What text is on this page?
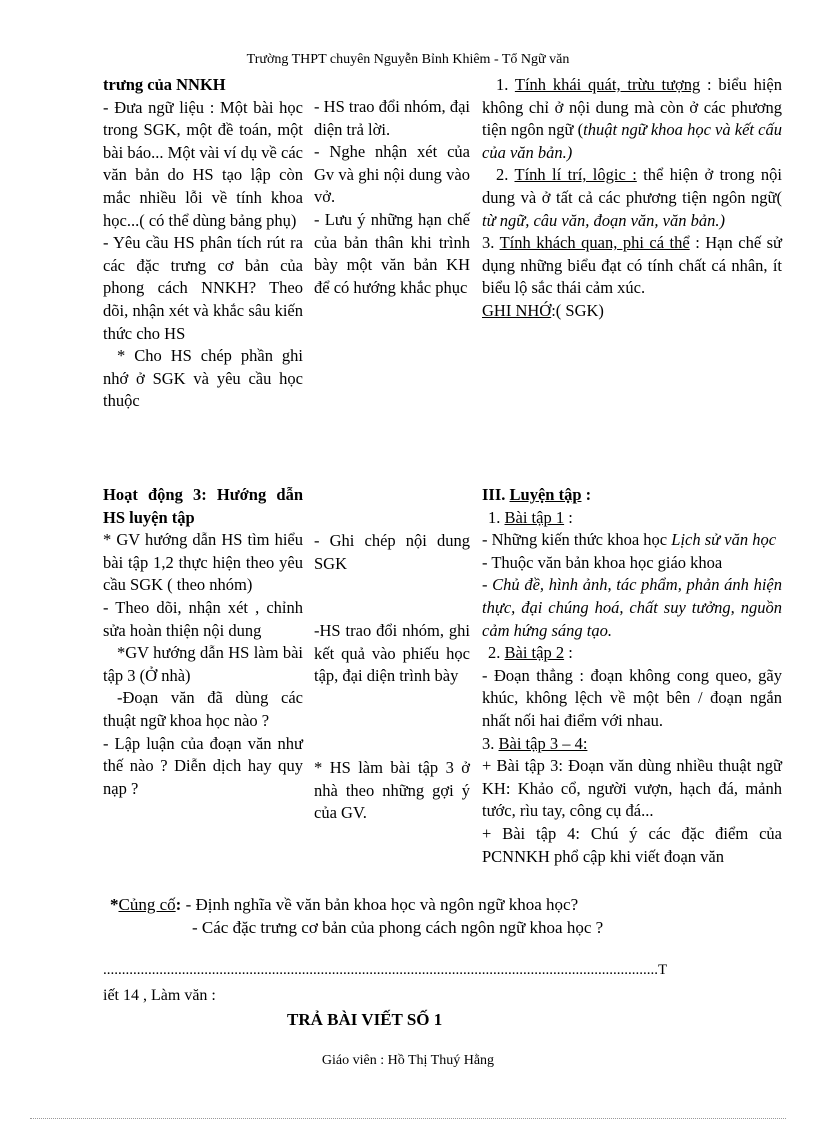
Trường THPT chuyên Nguyễn Bỉnh Khiêm - Tổ Ngữ văn

trưng của NNKH

- Đưa ngữ liệu : Một bài học trong SGK, một đề toán, một bài báo... Một vài ví dụ về các văn bản do HS tạo lập còn mắc nhiều lỗi về tính khoa học...( có thể dùng bảng phụ)

- Yêu cầu HS phân tích rút ra các đặc trưng cơ bản của phong cách NNKH? Theo dõi, nhận xét và khắc sâu kiến thức cho HS

* Cho HS chép phần ghi nhớ ở SGK và yêu cầu học thuộc

Hoạt động 3: Hướng dẫn HS luyện tập

* GV hướng dẫn HS tìm hiểu bài tập 1,2 thực hiện theo yêu cầu SGK ( theo nhóm)

- Theo dõi, nhận xét , chỉnh sửa hoàn thiện nội dung

*GV hướng dẫn HS làm bài tập 3 (Ở nhà)

-Đoạn văn đã dùng các thuật ngữ khoa học nào ?

- Lập luận của đoạn văn như thế nào ? Diễn dịch hay quy nạp ?

- HS trao đổi nhóm, đại diện trả lời.

- Nghe nhận xét của Gv và ghi nội dung vào vở.

- Lưu ý những hạn chế của bản thân khi trình bày một văn bản KH để có hướng khắc phục

- Ghi chép nội dung SGK

-HS trao đổi nhóm, ghi kết quả vào phiếu học tập, đại diện trình bày

* HS làm bài tập 3 ở nhà theo những gợi ý của GV.

1. Tính khái quát, trừu tượng : biểu hiện không chỉ ở nội dung mà còn ở các phương tiện ngôn ngữ (thuật ngữ khoa học và kết cấu của văn bản.)

2. Tính lí trí, lôgic : thể hiện ở trong nội dung và ở tất cả các phương tiện ngôn ngữ( từ ngữ, câu văn, đoạn văn, văn bản.)

3. Tính khách quan, phi cá thể : Hạn chế sử dụng những biểu đạt có tính chất cá nhân, ít biểu lộ sắc thái cảm xúc.

GHI NHỚ:( SGK)

III. Luyện tập :

1. Bài tập 1 :

- Những kiến thức khoa học Lịch sử văn học

- Thuộc văn bản khoa học giáo khoa

- Chủ đề, hình ảnh, tác phẩm, phản ánh hiện thực, đại chúng hoá, chất suy tưởng, nguồn cảm hứng sáng tạo.

2. Bài tập 2 :

- Đoạn thẳng : đoạn không cong queo, gãy khúc, không lệch về một bên / đoạn ngắn nhất nối hai điểm với nhau.

3. Bài tập 3 – 4:

+ Bài tập 3: Đoạn văn dùng nhiều thuật ngữ KH: Khảo cổ, người vượn, hạch đá, mảnh tước, rìu tay, công cụ đá...

+ Bài tập 4: Chú ý các đặc điểm của PCNNKH phổ cập khi viết đoạn văn

*Củng cố: - Định nghĩa về văn bản khoa học và ngôn ngữ khoa học?

- Các đặc trưng cơ bản của phong cách ngôn ngữ khoa học ?

....................................................................................................................................................T
iết 14 , Làm văn :
TRẢ BÀI VIẾT SỐ 1
Giáo viên : Hồ Thị Thuý Hằng
